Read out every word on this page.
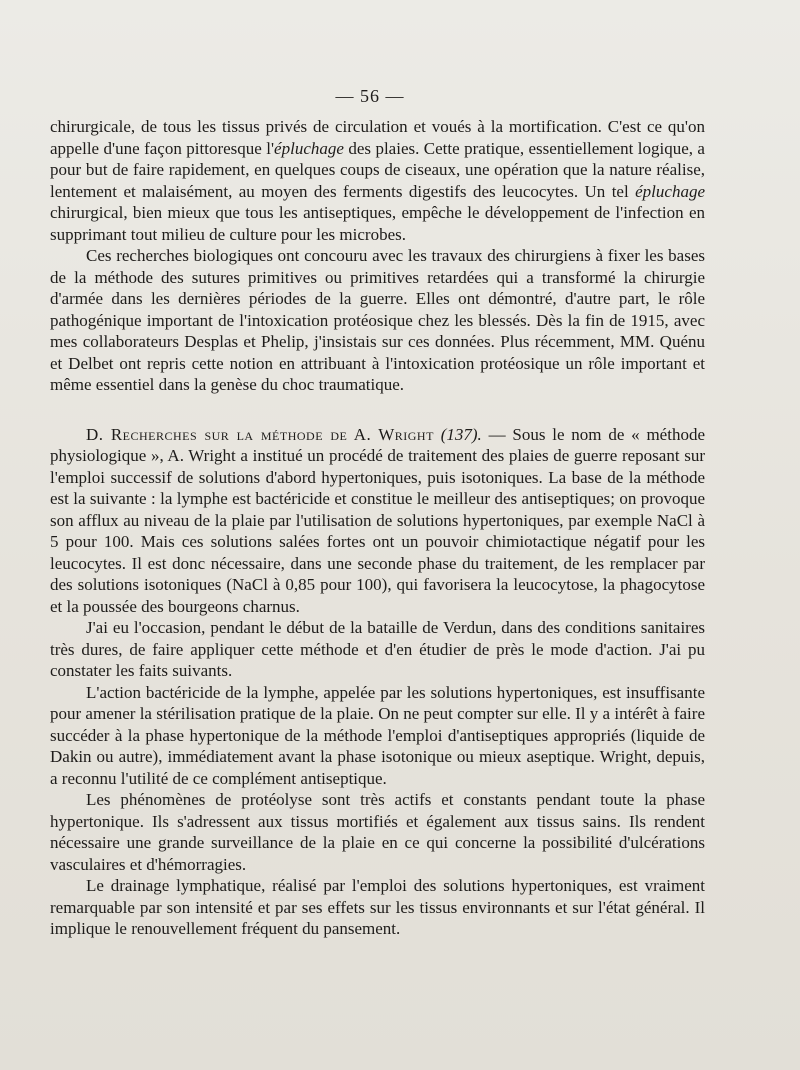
— 56 —

chirurgicale, de tous les tissus privés de circulation et voués à la mortification. C'est ce qu'on appelle d'une façon pittoresque l'épluchage des plaies. Cette pratique, essentiellement logique, a pour but de faire rapidement, en quelques coups de ciseaux, une opération que la nature réalise, lentement et malaisément, au moyen des ferments digestifs des leucocytes. Un tel épluchage chirurgical, bien mieux que tous les antiseptiques, empêche le développement de l'infection en supprimant tout milieu de culture pour les microbes.

Ces recherches biologiques ont concouru avec les travaux des chirurgiens à fixer les bases de la méthode des sutures primitives ou primitives retardées qui a transformé la chirurgie d'armée dans les dernières périodes de la guerre. Elles ont démontré, d'autre part, le rôle pathogénique important de l'intoxication protéosique chez les blessés. Dès la fin de 1915, avec mes collaborateurs Desplas et Phelip, j'insistais sur ces données. Plus récemment, MM. Quénu et Delbet ont repris cette notion en attribuant à l'intoxication protéosique un rôle important et même essentiel dans la genèse du choc traumatique.

D. Recherches sur la méthode de A. Wright (137). — Sous le nom de « méthode physiologique », A. Wright a institué un procédé de traitement des plaies de guerre reposant sur l'emploi successif de solutions d'abord hypertoniques, puis isotoniques. La base de la méthode est la suivante : la lymphe est bactéricide et constitue le meilleur des antiseptiques; on provoque son afflux au niveau de la plaie par l'utilisation de solutions hypertoniques, par exemple NaCl à 5 pour 100. Mais ces solutions salées fortes ont un pouvoir chimiotactique négatif pour les leucocytes. Il est donc nécessaire, dans une seconde phase du traitement, de les remplacer par des solutions isotoniques (NaCl à 0,85 pour 100), qui favorisera la leucocytose, la phagocytose et la poussée des bourgeons charnus.

J'ai eu l'occasion, pendant le début de la bataille de Verdun, dans des conditions sanitaires très dures, de faire appliquer cette méthode et d'en étudier de près le mode d'action. J'ai pu constater les faits suivants.

L'action bactéricide de la lymphe, appelée par les solutions hypertoniques, est insuffisante pour amener la stérilisation pratique de la plaie. On ne peut compter sur elle. Il y a intérêt à faire succéder à la phase hypertonique de la méthode l'emploi d'antiseptiques appropriés (liquide de Dakin ou autre), immédiatement avant la phase isotonique ou mieux aseptique. Wright, depuis, a reconnu l'utilité de ce complément antiseptique.

Les phénomènes de protéolyse sont très actifs et constants pendant toute la phase hypertonique. Ils s'adressent aux tissus mortifiés et également aux tissus sains. Ils rendent nécessaire une grande surveillance de la plaie en ce qui concerne la possibilité d'ulcérations vasculaires et d'hémorragies.

Le drainage lymphatique, réalisé par l'emploi des solutions hypertoniques, est vraiment remarquable par son intensité et par ses effets sur les tissus environnants et sur l'état général. Il implique le renouvellement fréquent du pansement.
